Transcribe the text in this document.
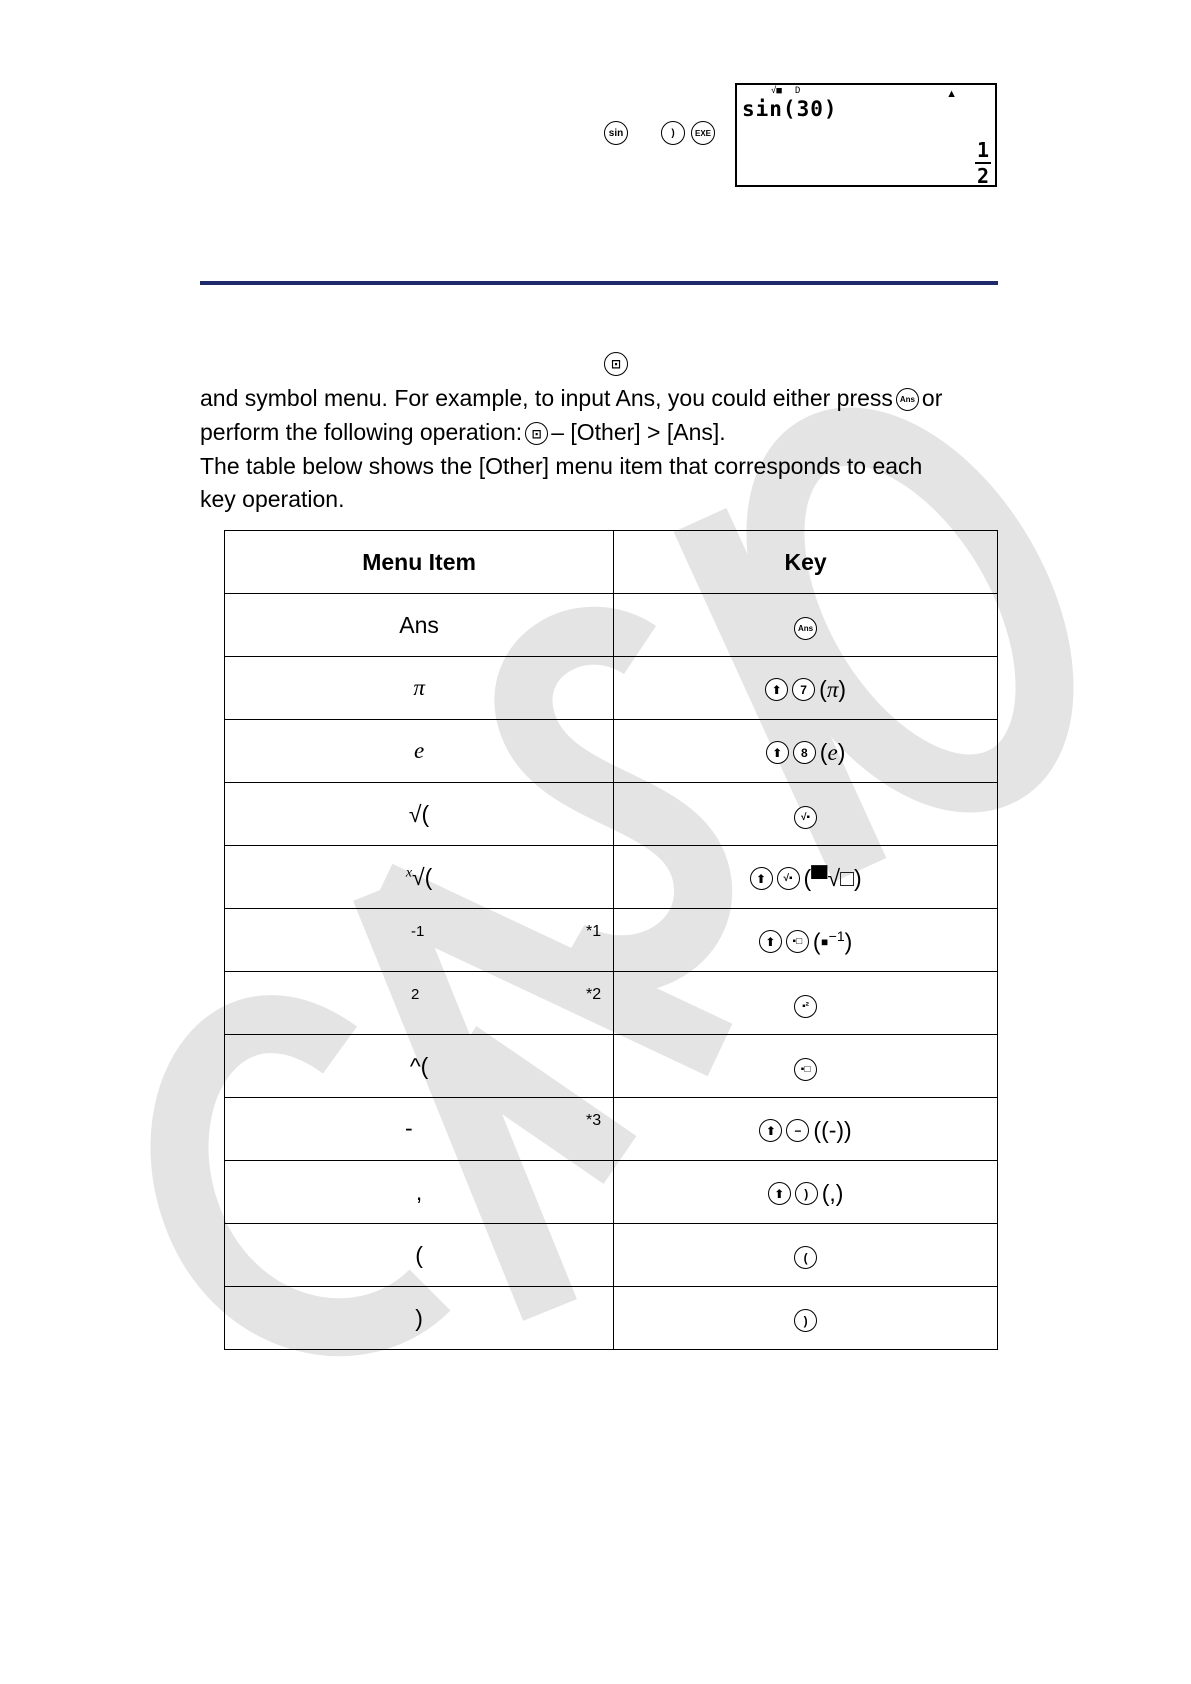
sin	)	EXE
√■ D	▲
sin(30)
1
2
⊡
and symbol menu. For example, to input Ans, you could either press Ans or
perform the following operation: ⊡ – [Other] > [Ans].
The table below shows the [Other] menu item that corresponds to each
key operation.
Menu Item	Key
Ans	Ans
π	⬆ 7 (π)

e	⬆ 8 (e)

√(	√▪
$^x$√(	⬆ √▪ (▀√□)

-1 *1	⬆ ▪□ (▪$^{-1}$)

2 *2	▪²
^(	▪□

- *3	⬆ − ((-))

,	⬆ ) (,)

(	(
)	)
